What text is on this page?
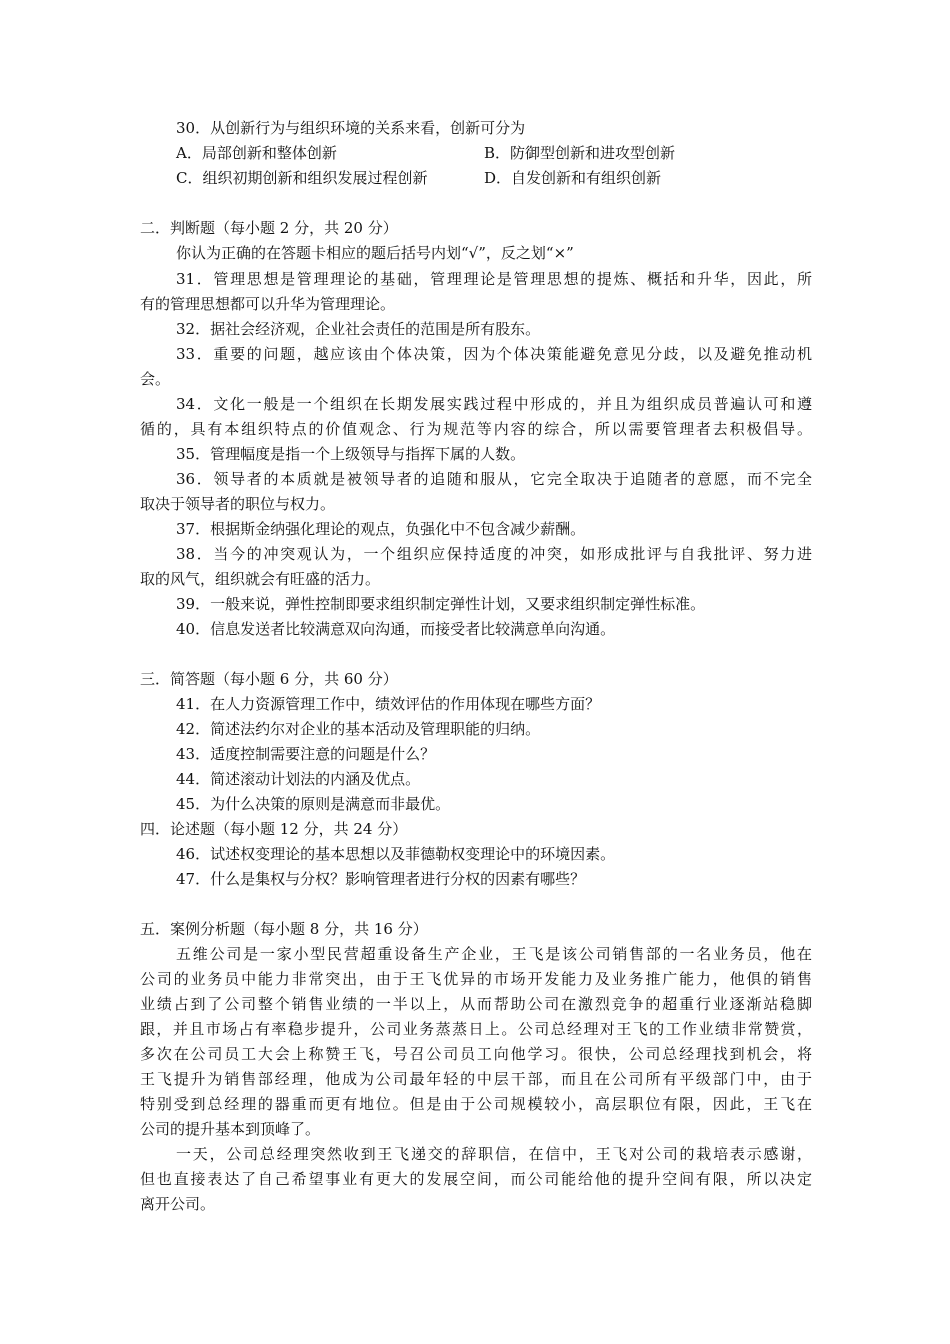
30．从创新行为与组织环境的关系来看，创新可分为
A．局部创新和整体创新	B．防御型创新和进攻型创新
C．组织初期创新和组织发展过程创新	D．自发创新和有组织创新
二．判断题（每小题 2 分，共 20 分）
你认为正确的在答题卡相应的题后括号内划“√”，反之划“×”
31．管理思想是管理理论的基础，管理理论是管理思想的提炼、概括和升华，因此，所
有的管理思想都可以升华为管理理论。
32．据社会经济观，企业社会责任的范围是所有股东。
33．重要的问题，越应该由个体决策，因为个体决策能避免意见分歧，以及避免推动机
会。
34．文化一般是一个组织在长期发展实践过程中形成的，并且为组织成员普遍认可和遵
循的，具有本组织特点的价值观念、行为规范等内容的综合，所以需要管理者去积极倡导。
35．管理幅度是指一个上级领导与指挥下属的人数。
36．领导者的本质就是被领导者的追随和服从，它完全取决于追随者的意愿，而不完全
取决于领导者的职位与权力。
37．根据斯金纳强化理论的观点，负强化中不包含减少薪酬。
38．当今的冲突观认为，一个组织应保持适度的冲突，如形成批评与自我批评、努力进
取的风气，组织就会有旺盛的活力。
39．一般来说，弹性控制即要求组织制定弹性计划，又要求组织制定弹性标准。
40．信息发送者比较满意双向沟通，而接受者比较满意单向沟通。
三．简答题（每小题 6 分，共 60 分）
41．在人力资源管理工作中，绩效评估的作用体现在哪些方面？
42．简述法约尔对企业的基本活动及管理职能的归纳。
43．适度控制需要注意的问题是什么？
44．简述滚动计划法的内涵及优点。
45．为什么决策的原则是满意而非最优。
四．论述题（每小题 12 分，共 24 分）
46．试述权变理论的基本思想以及菲德勒权变理论中的环境因素。
47．什么是集权与分权？影响管理者进行分权的因素有哪些？
五．案例分析题（每小题 8 分，共 16 分）
五维公司是一家小型民营超重设备生产企业，王飞是该公司销售部的一名业务员，他在
公司的业务员中能力非常突出，由于王飞优异的市场开发能力及业务推广能力，他俱的销售
业绩占到了公司整个销售业绩的一半以上，从而帮助公司在激烈竞争的超重行业逐渐站稳脚
跟，并且市场占有率稳步提升，公司业务蒸蒸日上。公司总经理对王飞的工作业绩非常赞赏，
多次在公司员工大会上称赞王飞，号召公司员工向他学习。很快，公司总经理找到机会，将
王飞提升为销售部经理，他成为公司最年轻的中层干部，而且在公司所有平级部门中，由于
特别受到总经理的器重而更有地位。但是由于公司规模较小，高层职位有限，因此，王飞在
公司的提升基本到顶峰了。
一天，公司总经理突然收到王飞递交的辞职信，在信中，王飞对公司的栽培表示感谢，
但也直接表达了自己希望事业有更大的发展空间，而公司能给他的提升空间有限，所以决定
离开公司。
